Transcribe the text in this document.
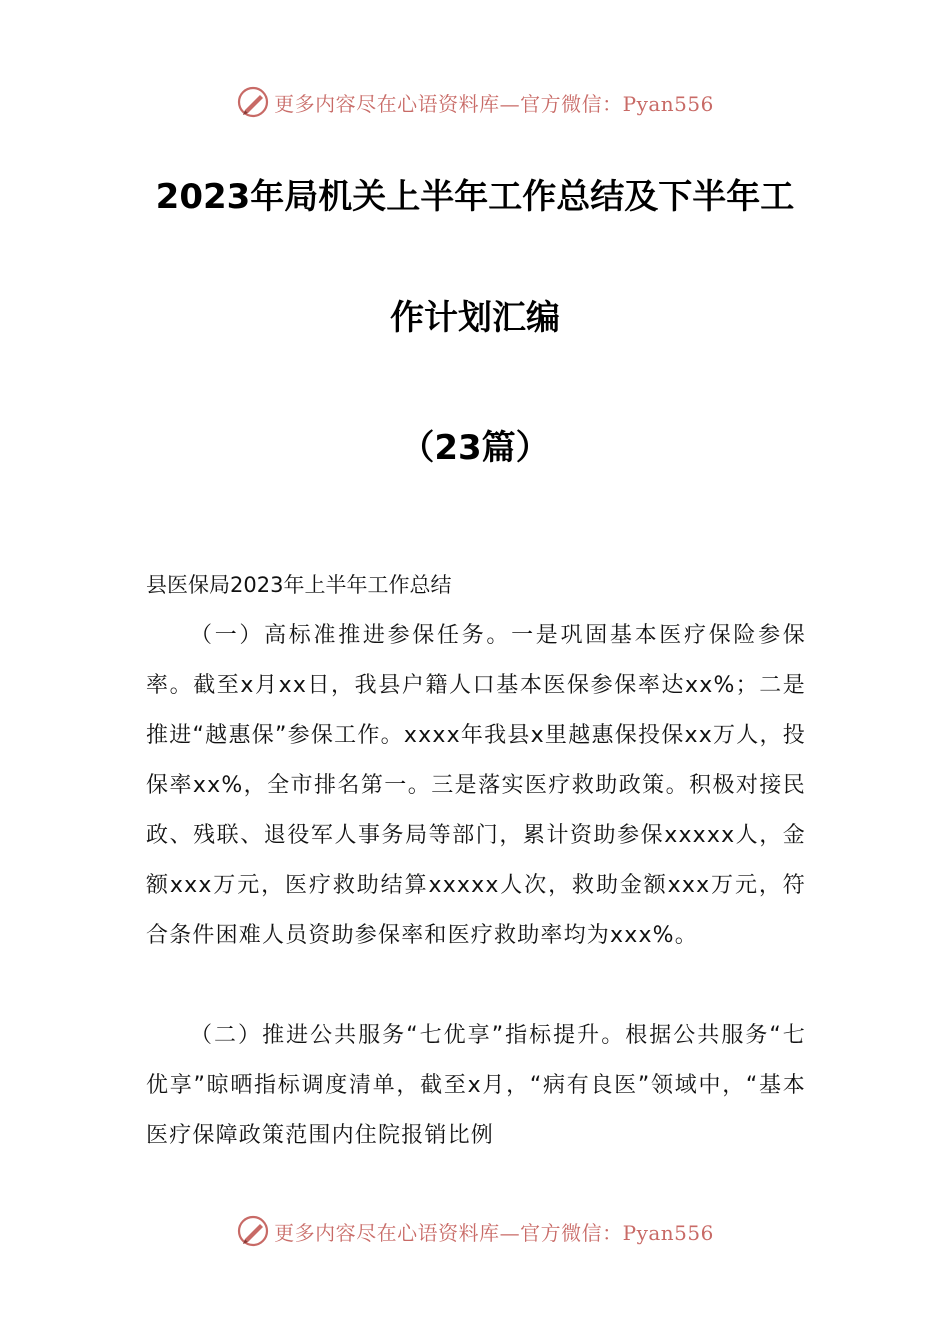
更多内容尽在心语资料库—官方微信：Pyan556
2023年局机关上半年工作总结及下半年工
作计划汇编
（23篇）
县医保局2023年上半年工作总结

（一）高标准推进参保任务。一是巩固基本医疗保险参保率。截至x月xx日，我县户籍人口基本医保参保率达xx%；二是推进“越惠保”参保工作。xxxx年我县x里越惠保投保xx万人，投保率xx%，全市排名第一。三是落实医疗救助政策。积极对接民政、残联、退役军人事务局等部门，累计资助参保xxxxx人，金额xxx万元，医疗救助结算xxxxx人次，救助金额xxx万元，符合条件困难人员资助参保率和医疗救助率均为xxx%。

（二）推进公共服务“七优享”指标提升。根据公共服务“七优享”晾晒指标调度清单，截至x月，“病有良医”领域中，“基本医疗保障政策范围内住院报销比例

更多内容尽在心语资料库—官方微信：Pyan556
